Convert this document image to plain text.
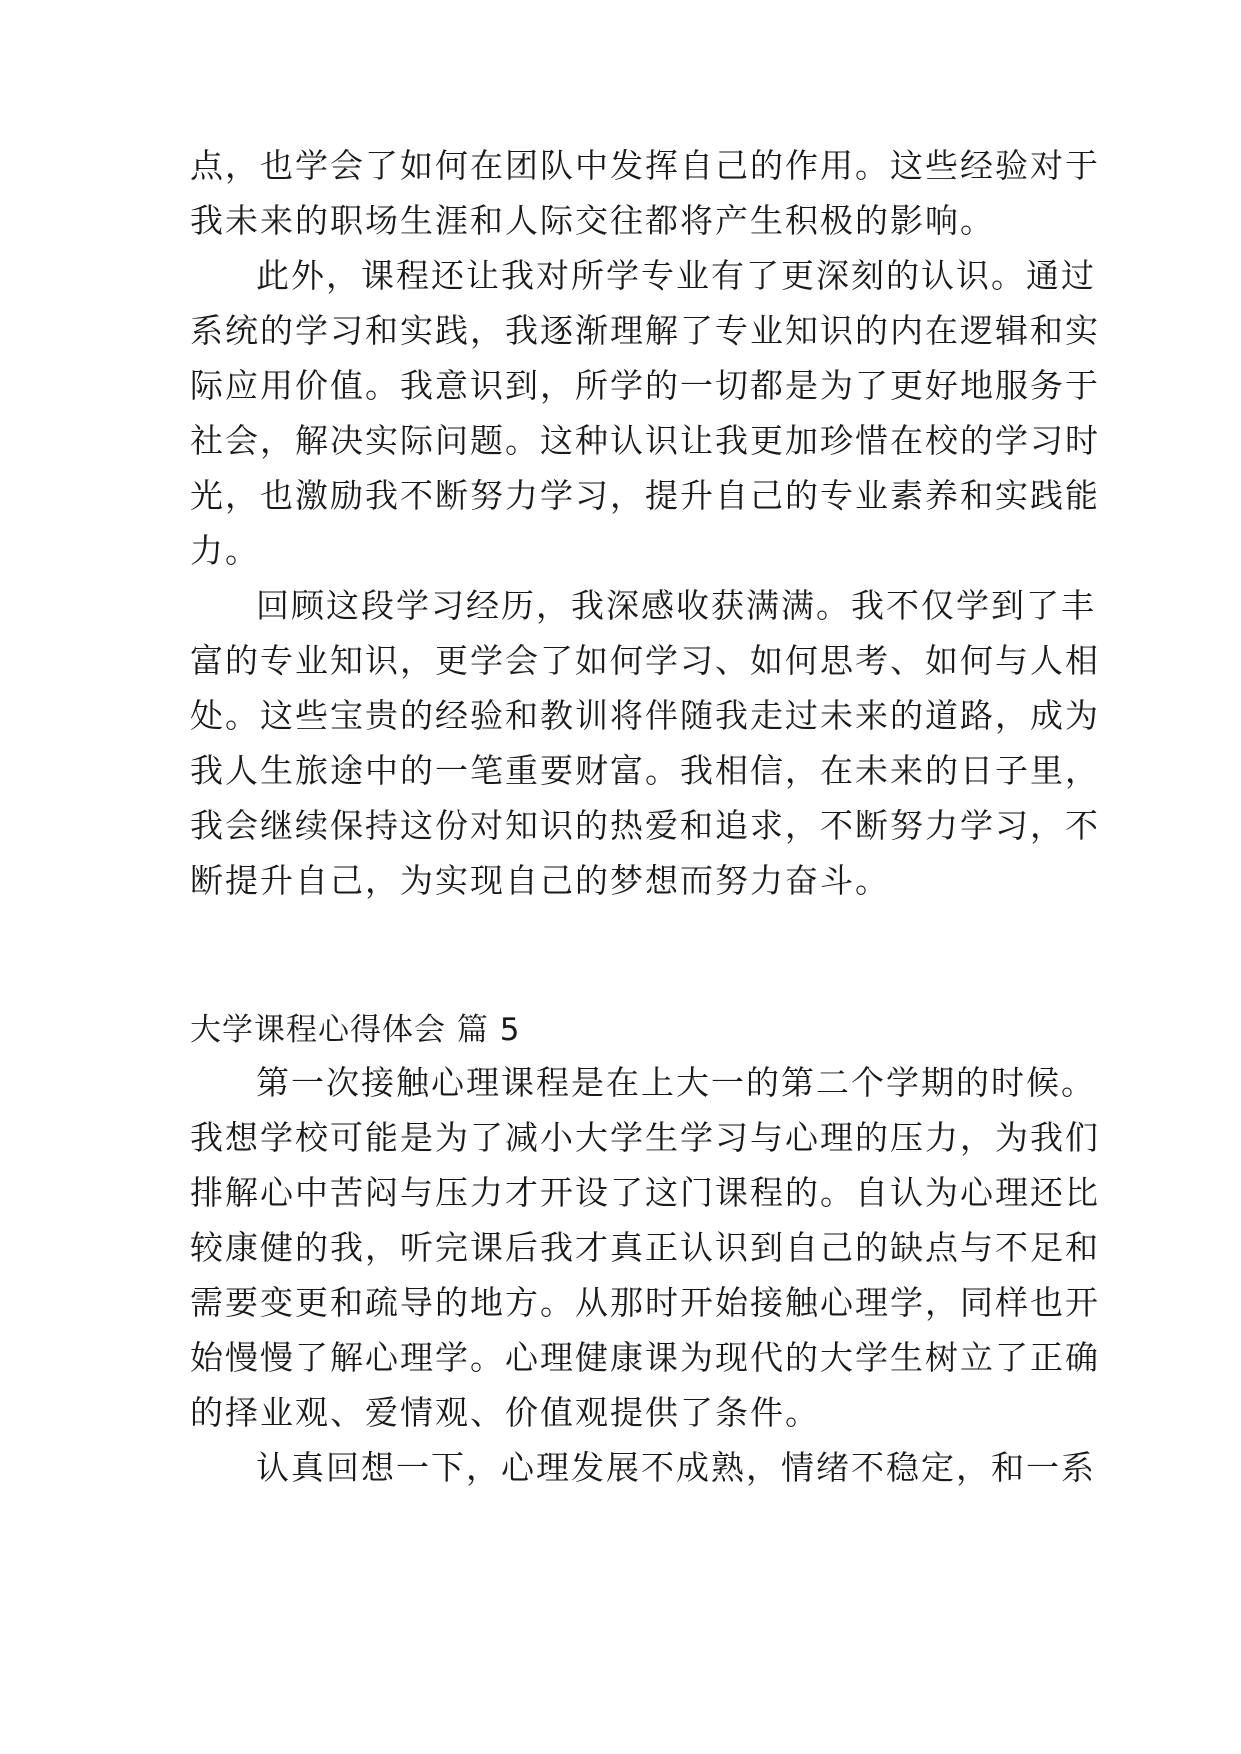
点，也学会了如何在团队中发挥自己的作用。这些经验对于
我未来的职场生涯和人际交往都将产生积极的影响。
此外，课程还让我对所学专业有了更深刻的认识。通过
系统的学习和实践，我逐渐理解了专业知识的内在逻辑和实
际应用价值。我意识到，所学的一切都是为了更好地服务于
社会，解决实际问题。这种认识让我更加珍惜在校的学习时
光，也激励我不断努力学习，提升自己的专业素养和实践能
力。
回顾这段学习经历，我深感收获满满。我不仅学到了丰
富的专业知识，更学会了如何学习、如何思考、如何与人相
处。这些宝贵的经验和教训将伴随我走过未来的道路，成为
我人生旅途中的一笔重要财富。我相信，在未来的日子里，
我会继续保持这份对知识的热爱和追求，不断努力学习，不
断提升自己，为实现自己的梦想而努力奋斗。
大学课程心得体会 篇 5
第一次接触心理课程是在上大一的第二个学期的时候。
我想学校可能是为了减小大学生学习与心理的压力，为我们
排解心中苦闷与压力才开设了这门课程的。自认为心理还比
较康健的我，听完课后我才真正认识到自己的缺点与不足和
需要变更和疏导的地方。从那时开始接触心理学，同样也开
始慢慢了解心理学。心理健康课为现代的大学生树立了正确
的择业观、爱情观、价值观提供了条件。
认真回想一下，心理发展不成熟，情绪不稳定，和一系
